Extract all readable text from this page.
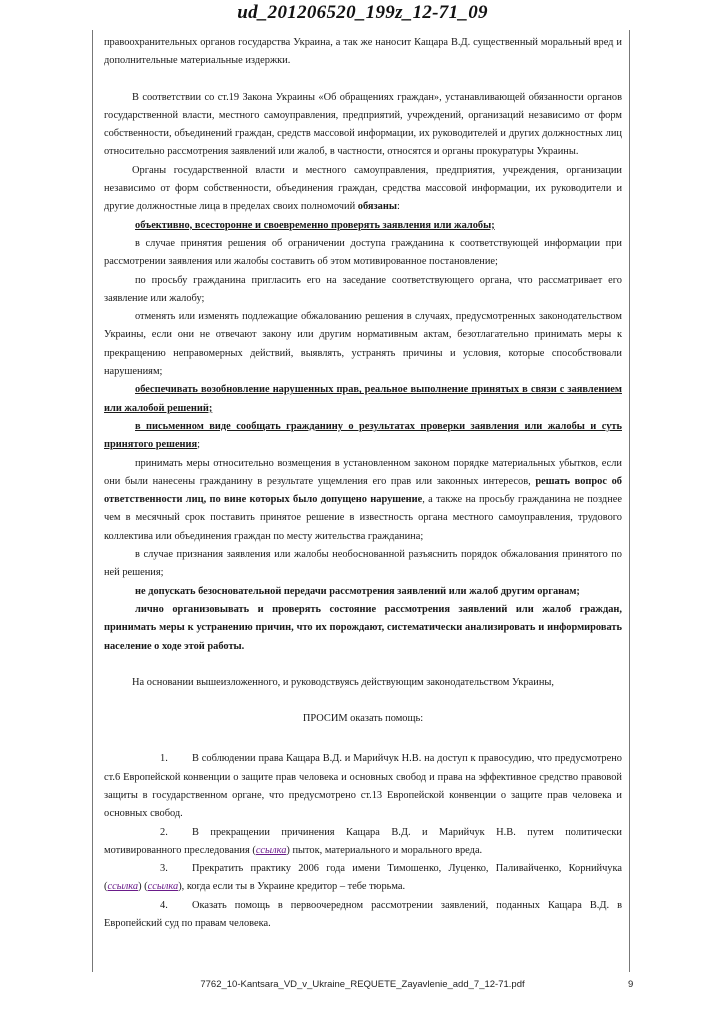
ud_201206520_199z_12-71_09

правоохранительных органов государства Украина, а так же наносит Кащара В.Д. существенный моральный вред и дополнительные материальные издержки.

В соответствии со ст.19 Закона Украины «Об обращениях граждан», устанавливающей обязанности органов государственной власти, местного самоуправления, предприятий, учреждений, организаций независимо от форм собственности, объединений граждан, средств массовой информации, их руководителей и других должностных лиц относительно рассмотрения заявлений или жалоб, в частности, относятся и органы прокуратуры Украины.

Органы государственной власти и местного самоуправления, предприятия, учреждения, организации независимо от форм собственности, объединения граждан, средства массовой информации, их руководители и другие должностные лица в пределах своих полномочий обязаны:

объективно, всесторонне и своевременно проверять заявления или жалобы;

в случае принятия решения об ограничении доступа гражданина к соответствующей информации при рассмотрении заявления или жалобы составить об этом мотивированное постановление;

по просьбу гражданина пригласить его на заседание соответствующего органа, что рассматривает его заявление или жалобу;

отменять или изменять подлежащие обжалованию решения в случаях, предусмотренных законодательством Украины, если они не отвечают закону или другим нормативным актам, безотлагательно принимать меры к прекращению неправомерных действий, выявлять, устранять причины и условия, которые способствовали нарушениям;

обеспечивать возобновление нарушенных прав, реальное выполнение принятых в связи с заявлением или жалобой решений;

в письменном виде сообщать гражданину о результатах проверки заявления или жалобы и суть принятого решения;

принимать меры относительно возмещения в установленном законом порядке материальных убытков, если они были нанесены гражданину в результате ущемления его прав или законных интересов, решать вопрос об ответственности лиц, по вине которых было допущено нарушение, а также на просьбу гражданина не позднее чем в месячный срок поставить принятое решение в известность органа местного самоуправления, трудового коллектива или объединения граждан по месту жительства гражданина;

в случае признания заявления или жалобы необоснованной разъяснить порядок обжалования принятого по ней решения;

не допускать безосновательной передачи рассмотрения заявлений или жалоб другим органам;

лично организовывать и проверять состояние рассмотрения заявлений или жалоб граждан, принимать меры к устранению причин, что их порождают, систематически анализировать и информировать население о ходе этой работы.

На основании вышеизложенного, и руководствуясь действующим законодательством Украины,

ПРОСИМ оказать помощь:

1. В соблюдении права Кащара В.Д. и Марийчук Н.В. на доступ к правосудию, что предусмотрено ст.6 Европейской конвенции о защите прав человека и основных свобод и права на эффективное средство правовой защиты в государственном органе, что предусмотрено ст.13 Европейской конвенции о защите прав человека и основных свобод.

2. В прекращении причинения Кащара В.Д. и Марийчук Н.В. путем политически мотивированного преследования (ссылка) пыток, материального и морального вреда.

3. Прекратить практику 2006 года имени Тимошенко, Луценко, Паливайченко, Корнийчука (ссылка) (ссылка), когда если ты в Украине кредитор – тебе тюрьма.

4. Оказать помощь в первоочередном рассмотрении заявлений, поданных Кащара В.Д. в Европейский суд по правам человека.

7762_10-Kantsara_VD_v_Ukraine_REQUETE_Zayavlenie_add_7_12-71.pdf	9
